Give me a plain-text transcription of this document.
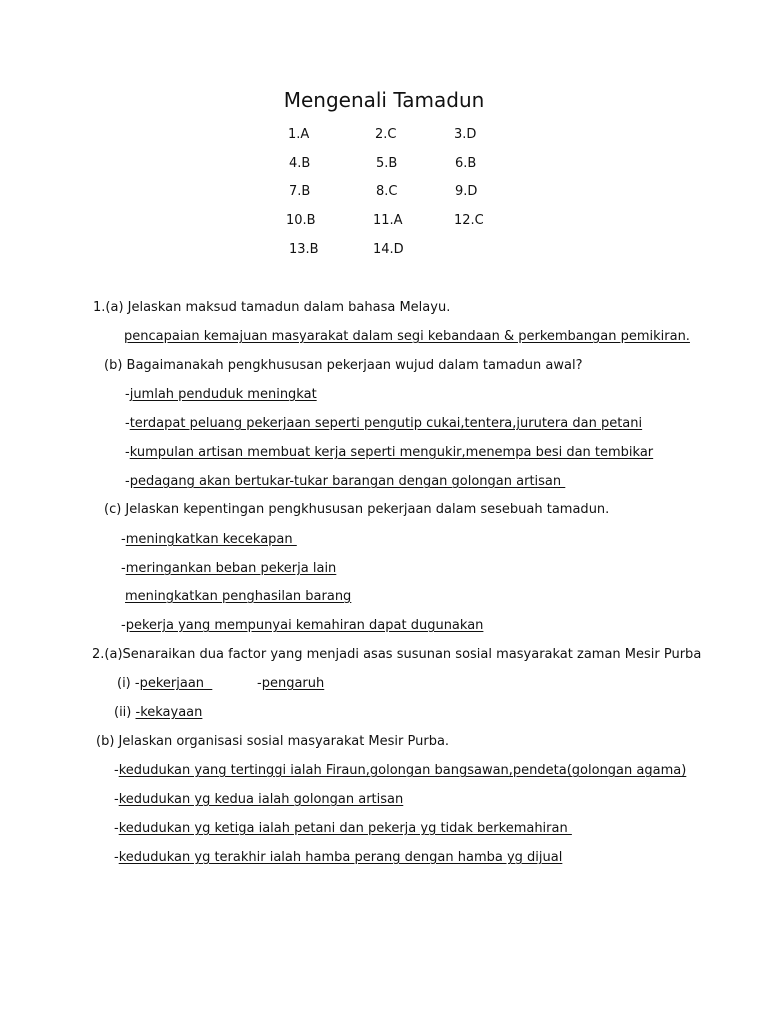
Mengenali Tamadun
1.A	2.C	3.D
4.B	5.B	6.B
7.B	8.C	9.D
10.B	11.A	12.C
13.B	14.D
1.(a) Jelaskan maksud tamadun dalam bahasa Melayu.
pencapaian kemajuan masyarakat dalam segi kebandaan & perkembangan pemikiran.
(b) Bagaimanakah pengkhususan pekerjaan wujud dalam tamadun awal?
-jumlah penduduk meningkat
-terdapat peluang pekerjaan seperti pengutip cukai,tentera,jurutera dan petani
-kumpulan artisan membuat kerja seperti mengukir,menempa besi dan tembikar
-pedagang akan bertukar-tukar barangan dengan golongan artisan
(c) Jelaskan kepentingan pengkhususan pekerjaan dalam sesebuah tamadun.
-meningkatkan kecekapan
-meringankan beban pekerja lain
meningkatkan penghasilan barang
-pekerja yang mempunyai kemahiran dapat dugunakan
2.(a)Senaraikan dua factor yang menjadi asas susunan sosial masyarakat zaman Mesir Purba
(i) -pekerjaan	-pengaruh
(ii) -kekayaan
(b) Jelaskan organisasi sosial masyarakat Mesir Purba.
-kedudukan yang tertinggi ialah Firaun,golongan bangsawan,pendeta(golongan agama)
-kedudukan yg kedua ialah golongan artisan
-kedudukan yg ketiga ialah petani dan pekerja yg tidak berkemahiran
-kedudukan yg terakhir ialah hamba perang dengan hamba yg dijual
